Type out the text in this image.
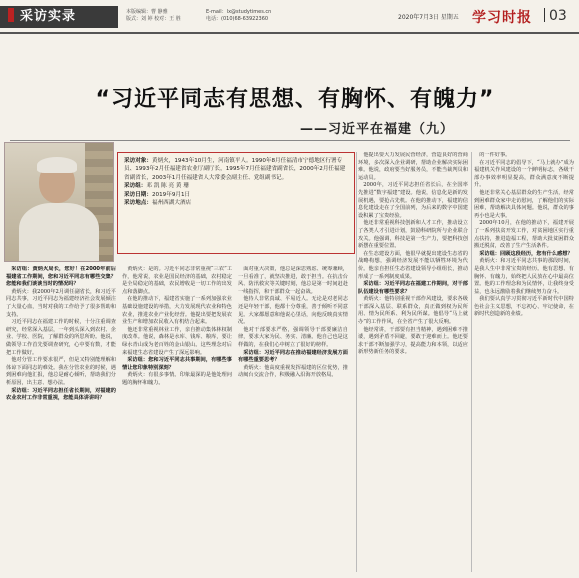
采访实录	本版编辑：曹 静雅
版式：刘 婷 校对：王 胜
E-mail：lx@studytimes.cn
电话：(010)68-63922360	2020年7月3日 星期五 学习时报	03
“习近平同志有思想、有胸怀、有魄力”
——习近平在福建（九）
采访对象：黄炳火，1943年10月生，河南镇平人。1990年8月任福清市宁德地区行署专员、1993年2月任福建省农业厅副厅长，1995年7月任福建省副省长，2000年2月任福建省副省长，2003年1月任福建省人大常委会副主任、党组副书记。
采访组：邓 凯 陈 亮 黄 珊
采访日期：2019年9月1日
采访地点：福州西湖大酒店

采访组：黄炳火局长，您好！在2000年前后福建省工作期间，您和习近平同志有哪些交集？您能和我们谈谈当时的情况吗？

黄炳火：我2000年2月调任副省长，和习近平同志共事，习近平同志为福建经济社会发展倾注了大量心血，当时对我的工作给予了很多帮助和支持。

习近平同志在福建工作的时候，十分注重调查研究，经常深入基层，一年到头深入到农村、企业、学校、医院，了解群众的所思所盼。他说，做领导工作首先要调查研究，心中要有数，才能把工作做好。

他对分管工作要求很严，但是又特别能理解和体谅下面同志的难处。我在分管农业的时候，遇到困难向他汇报，他总是耐心倾听，帮助我们分析原因，出主意、想办法。

采访组：习近平同志担任省长期间，对福建的农业农村工作非常重视，您能具体讲讲吗？

黄炳火：是的。习近平同志非常重视“三农”工作，他常说，农业是国民经济的基础，农村稳定是全局稳定的基础，农民增收是一切工作的出发点和落脚点。

在他的推动下，福建省实施了一系列加强农业基础设施建设的举措，大力发展现代农业和特色农业，推进农业产业化经营。他提出要把发展农业生产和增加农民收入有机结合起来。

他还非常重视林业工作，亲自推动集体林权制度改革。他说，森林是水库、钱库、粮库，要让绿水青山成为老百姓的金山银山。这些理念对后来福建生态省建设产生了深远影响。

采访组：您和习近平同志共事期间，有哪些事情让您印象特别深刻？

黄炳火：有很多事情。印象最深的是他处理问题的胸怀和魄力。

面对重大决策，他总是深思熟虑、统筹兼顾，一旦看准了，就坚决推进，敢于担当。在抗击台风、防汛救灾等关键时刻，他总是第一时间赶赴一线指挥，和干部群众一起奋战。

他待人非常真诚、平易近人。无论是对老同志还是年轻干部，他都十分尊重，善于倾听不同意见。大家都愿意和他说心里话，向他反映真实情况。

他对干部要求严格，强调领导干部要廉洁自律，要求大家为民、务实、清廉。他自己也是这样做的，在我们心中树立了很好的榜样。

采访组：习近平同志在推动福建经济发展方面有哪些重要思考？

黄炳火：他高度重视发挥福建的区位优势，推动闽台交流合作，积极融入沿海开放格局。

他提出要大力发展民营经济，营造良好的营商环境，多次深入企业调研，帮助企业解决实际困难。他说，政府要当好服务员，不能当裁判员和运动员。

2000年，习近平同志担任省长后，在全国率先推进“数字福建”建设。他说，信息化是新的发展机遇，要抢占先机。在他的推动下，福建的信息化建设走在了全国前列，为后来的数字中国建设积累了宝贵经验。

他还非常重视科技创新和人才工作，推动设立了各类人才引进计划，鼓励科研院所与企业联合攻关。他强调，科技是第一生产力，要把科技创新摆在重要位置。

在生态建设方面，他很早就提出建设生态省的战略构想，强调经济发展不能以牺牲环境为代价。他亲自担任生态省建设领导小组组长，推动形成了一系列制度成果。

采访组：习近平同志在福建工作期间，对干部队伍建设有哪些要求？

黄炳火：他特别重视干部作风建设，要求各级干部深入基层、联系群众，真正做到权为民所用、情为民所系、利为民所谋。他倡导“马上就办”的工作作风，在全省产生了很大反响。

他经常讲，干部要有担当精神，遇到困难不推诿，遇到矛盾不回避，要敢于迎难而上。他还要求干部不断加强学习，提高能力和本领，以适应新形势新任务的要求。

的一件好事。

在习近平同志的倡导下，“马上就办”成为福建机关作风建设的一个鲜明标志，各级干部办事效率明显提高，群众满意度不断提升。

他还非常关心基层群众的生产生活，经常到困难群众家中走访慰问，了解他们的实际困难，帮助解决具体问题。他说，群众的事再小也是大事。

2000年10月，在他的推动下，福建开展了一系列扶贫开发工作，对贫困地区实行重点扶持，推进造福工程，帮助大批贫困群众搬迁脱贫，改善了生产生活条件。

采访组：回顾这段经历，您有什么感想？

黄炳火：和习近平同志共事的那段时间，是我人生中非常宝贵的经历。他有思想、有胸怀、有魄力，始终把人民放在心中最高位置。他的工作理念和为民情怀，让我终身受益，也永远激励着我们继续努力奋斗。

我们要认真学习贯彻习近平新时代中国特色社会主义思想，不忘初心、牢记使命，在新时代创造新的业绩。
